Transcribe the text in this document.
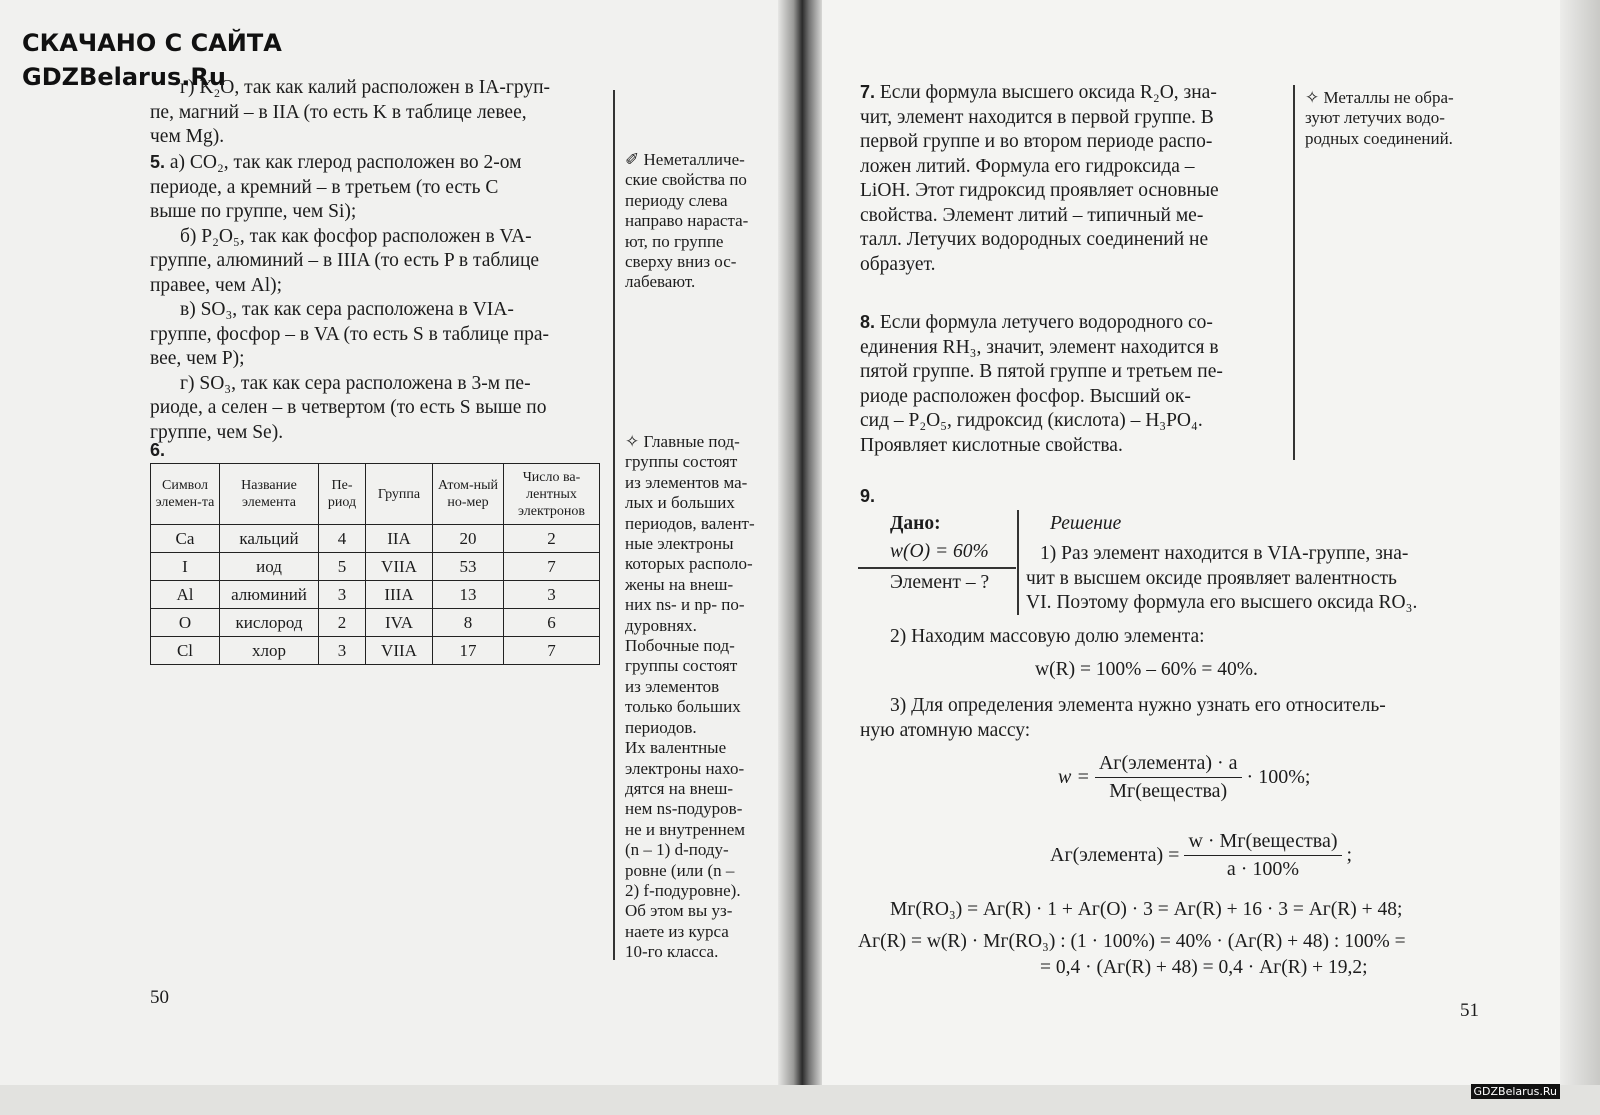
СКАЧАНО С САЙТА
GDZBelarus.Ru
GDZBelarus.Ru
г) K₂O, так как калий расположен в IA-груп-
пе, магний – в IIA (то есть K в таблице левее,
чем Mg).
5. а) CO₂, так как глерод расположен во 2-ом
периоде, а кремний – в третьем (то есть C
выше по группе, чем Si);
б) P₂O₅, так как фосфор расположен в VA-
группе, алюминий – в IIIA (то есть P в таблице
правее, чем Al);
в) SO₃, так как сера расположена в VIA-
группе, фосфор – в VA (то есть S в таблице пра-
вее, чем P);
г) SO₃, так как сера расположена в 3-м пе-
риоде, а селен – в четвертом (то есть S выше по
группе, чем Se).
6.
Символ элемен-та	Название элемента	Пе-риод	Группа	Атом-ный но-мер	Число ва-лентных электронов
Ca	кальций	4	IIA	20	2
I	иод	5	VIIA	53	7
Al	алюминий	3	IIIA	13	3
O	кислород	2	IVA	8	6
Cl	хлор	3	VIIA	17	7
✐ Неметалличе-
ские свойства по
периоду слева
направо нараста-
ют, по группе
сверху вниз ос-
лабевают.
✧ Главные под-
группы состоят
из элементов ма-
лых и больших
периодов, валент-
ные электроны
которых располо-
жены на внеш-
них ns- и np- по-
дуровнях.
Побочные под-
группы состоят
из элементов
только больших
периодов.
Их валентные
электроны нахо-
дятся на внеш-
нем ns-подуров-
не и внутреннем
(n – 1) d-поду-
ровне (или (n –
2) f-подуровне).
Об этом вы уз-
наете из курса
10-го класса.
50
7. Если формула высшего оксида R₂O, зна-
чит, элемент находится в первой группе. В
первой группе и во втором периоде распо-
ложен литий. Формула его гидроксида –
LiOH. Этот гидроксид проявляет основные
свойства. Элемент литий – типичный ме-
талл. Летучих водородных соединений не
образует.
✧ Металлы не обра-
зуют летучих водо-
родных соединений.
8. Если формула летучего водородного со-
единения RH₃, значит, элемент находится в
пятой группе. В пятой группе и третьем пе-
риоде расположен фосфор. Высший ок-
сид – P₂O₅, гидроксид (кислота) – H₃PO₄.
Проявляет кислотные свойства.
9.
Дано:
w(O) = 60%
Элемент – ?
Решение
1) Раз элемент находится в VIA-группе, зна-
чит в высшем оксиде проявляет валентность
VI. Поэтому формула его высшего оксида RO₃.
2) Находим массовую долю элемента:
w(R) = 100% – 60% = 40%.
3) Для определения элемента нужно узнать его относитель-
ную атомную массу:
$w = \frac{\text{Aг(элемента) · a}}{\text{Mг(вещества)}} \cdot 100\%$;
Aг(элемента) = $\frac{\text{w · Mг(вещества)}}{a \cdot 100\%}$ ;
Mг(RO₃) = Aг(R) · 1 + Aг(O) · 3 = Aг(R) + 16 · 3 = Aг(R) + 48;
Aг(R) = w(R) · Mг(RO₃) : (1 · 100%) = 40% · (Aг(R) + 48) : 100% =
= 0,4 · (Aг(R) + 48) = 0,4 · Aг(R) + 19,2;
51
